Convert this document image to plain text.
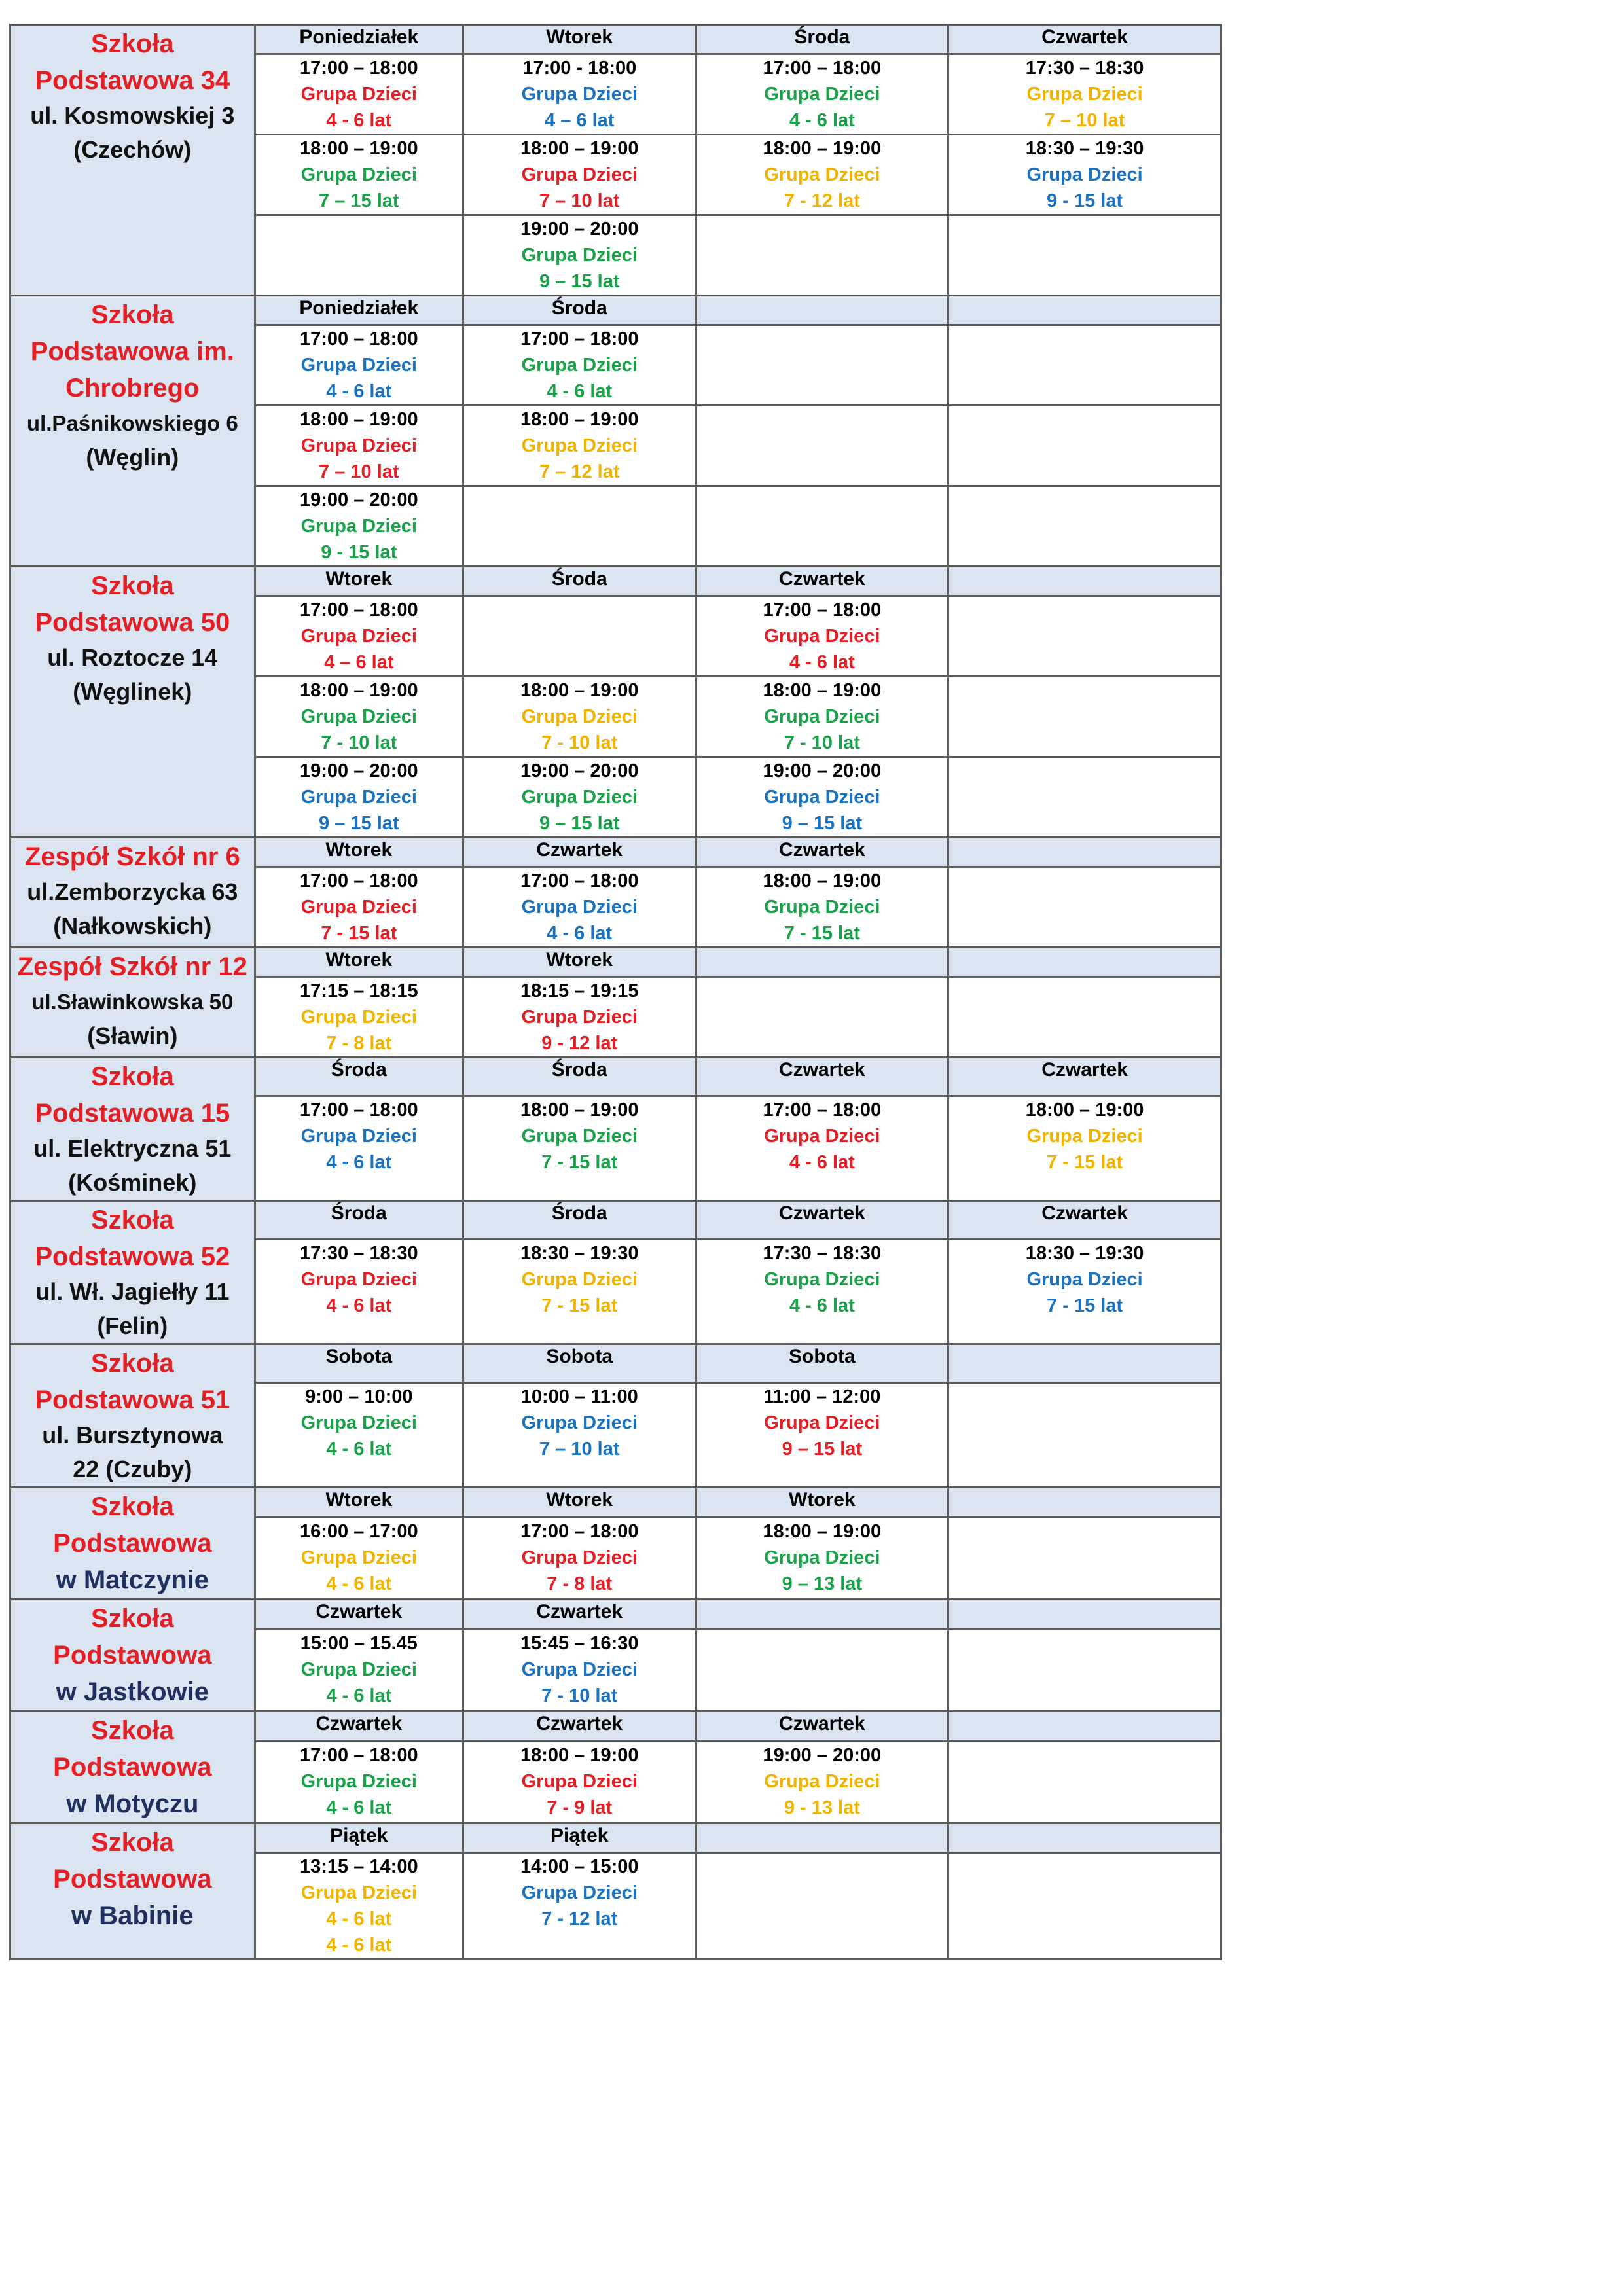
Szkoła
Podstawowa 34
ul. Kosmowskiej 3
(Czechów)	Poniedziałek	Wtorek	Środa	Czwartek

	17:00 – 18:00
Grupa Dzieci
4 - 6 lat	17:00 - 18:00
Grupa Dzieci
4 – 6 lat	17:00 – 18:00
Grupa Dzieci
4 - 6 lat	17:30 – 18:30
Grupa Dzieci
7 – 10 lat

	18:00 – 19:00
Grupa Dzieci
7 – 15 lat	18:00 – 19:00
Grupa Dzieci
7 – 10 lat	18:00 – 19:00
Grupa Dzieci
7 - 12 lat	18:30 – 19:30
Grupa Dzieci
9 - 15 lat

		19:00 – 20:00
Grupa Dzieci
9 – 15 lat		

Szkoła
Podstawowa im.
Chrobrego
ul.Paśnikowskiego 6
(Węglin)	Poniedziałek	Środa		

	17:00 – 18:00
Grupa Dzieci
4 - 6 lat	17:00 – 18:00
Grupa Dzieci
4 - 6 lat		

	18:00 – 19:00
Grupa Dzieci
7 – 10 lat	18:00 – 19:00
Grupa Dzieci
7 – 12 lat		

	19:00 – 20:00
Grupa Dzieci
9 - 15 lat			

Szkoła
Podstawowa 50
ul. Roztocze 14
(Węglinek)	Wtorek	Środa	Czwartek	

	17:00 – 18:00
Grupa Dzieci
4 – 6 lat		17:00 – 18:00
Grupa Dzieci
4 - 6 lat	

	18:00 – 19:00
Grupa Dzieci
7 - 10 lat	18:00 – 19:00
Grupa Dzieci
7 - 10 lat	18:00 – 19:00
Grupa Dzieci
7 - 10 lat	

	19:00 – 20:00
Grupa Dzieci
9 – 15 lat	19:00 – 20:00
Grupa Dzieci
9 – 15 lat	19:00 – 20:00
Grupa Dzieci
9 – 15 lat	

Zespół Szkół nr 6
ul.Zemborzycka 63
(Nałkowskich)	Wtorek	Czwartek	Czwartek	

	17:00 – 18:00
Grupa Dzieci
7 - 15 lat	17:00 – 18:00
Grupa Dzieci
4 - 6 lat	18:00 – 19:00
Grupa Dzieci
7 - 15 lat	

Zespół Szkół nr 12
ul.Sławinkowska 50
(Sławin)	Wtorek	Wtorek		

	17:15 – 18:15
Grupa Dzieci
7 - 8 lat	18:15 – 19:15
Grupa Dzieci
9 - 12 lat		

Szkoła
Podstawowa 15
ul. Elektryczna 51
(Kośminek)	Środa	Środa	Czwartek	Czwartek

	17:00 – 18:00
Grupa Dzieci
4 - 6 lat	18:00 – 19:00
Grupa Dzieci
7 - 15 lat	17:00 – 18:00
Grupa Dzieci
4 - 6 lat	18:00 – 19:00
Grupa Dzieci
7 - 15 lat

Szkoła
Podstawowa 52
ul. Wł. Jagiełły 11
(Felin)	Środa	Środa	Czwartek	Czwartek

	17:30 – 18:30
Grupa Dzieci
4 - 6 lat	18:30 – 19:30
Grupa Dzieci
7 - 15 lat	17:30 – 18:30
Grupa Dzieci
4 - 6 lat	18:30 – 19:30
Grupa Dzieci
7 - 15 lat

Szkoła
Podstawowa 51
ul. Bursztynowa
22 (Czuby)	Sobota	Sobota	Sobota	

	9:00 – 10:00
Grupa Dzieci
4 - 6 lat	10:00 – 11:00
Grupa Dzieci
7 – 10 lat	11:00 – 12:00
Grupa Dzieci
9 – 15 lat	

Szkoła
Podstawowa
w Matczynie	Wtorek	Wtorek	Wtorek	

	16:00 – 17:00
Grupa Dzieci
4 - 6 lat	17:00 – 18:00
Grupa Dzieci
7 - 8 lat	18:00 – 19:00
Grupa Dzieci
9 – 13 lat	

Szkoła
Podstawowa
w Jastkowie	Czwartek	Czwartek		

	15:00 – 15.45
Grupa Dzieci
4 - 6 lat	15:45 – 16:30
Grupa Dzieci
7 - 10 lat		

Szkoła
Podstawowa
w Motyczu	Czwartek	Czwartek	Czwartek	

	17:00 – 18:00
Grupa Dzieci
4 - 6 lat	18:00 – 19:00
Grupa Dzieci
7 - 9 lat	19:00 – 20:00
Grupa Dzieci
9 - 13 lat	

Szkoła
Podstawowa
w Babinie	Piątek	Piątek		

	13:15 – 14:00
Grupa Dzieci
4 - 6 lat
4 - 6 lat	14:00 – 15:00
Grupa Dzieci
7 - 12 lat		
